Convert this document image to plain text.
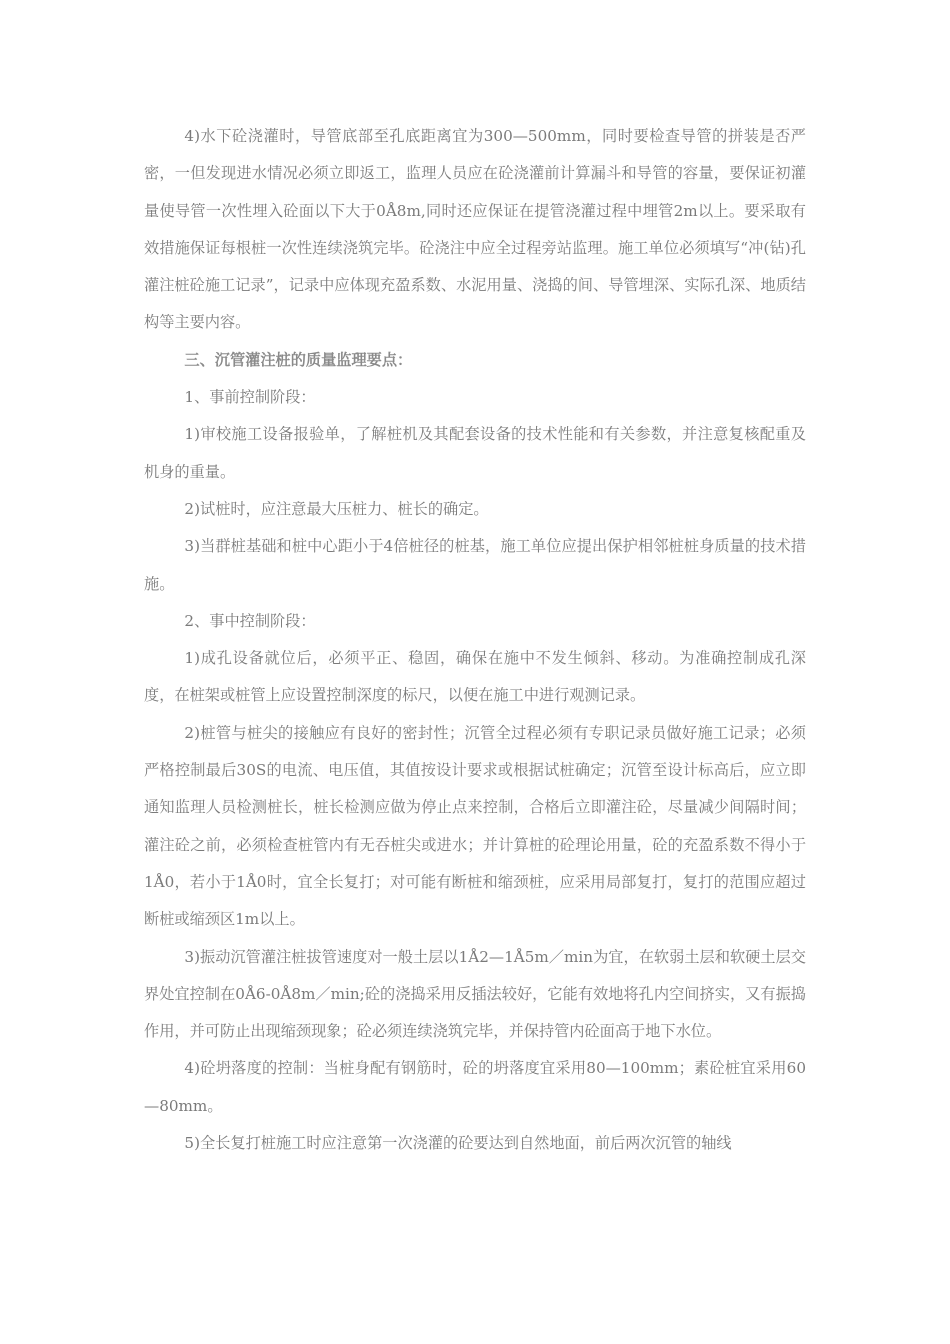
4)水下砼浇灌时，导管底部至孔底距离宜为300—500mm，同时要检查导管的拼装是否严密，一但发现进水情况必须立即返工，监理人员应在砼浇灌前计算漏斗和导管的容量，要保证初灌量使导管一次性埋入砼面以下大于0Å8m,同时还应保证在提管浇灌过程中埋管2m以上。要采取有效措施保证每根桩一次性连续浇筑完毕。砼浇注中应全过程旁站监理。施工单位必须填写“冲(钻)孔灌注桩砼施工记录”，记录中应体现充盈系数、水泥用量、浇捣的间、导管埋深、实际孔深、地质结构等主要内容。

三、沉管灌注桩的质量监理要点：

1、事前控制阶段：

1)审校施工设备报验单，了解桩机及其配套设备的技术性能和有关参数，并注意复核配重及机身的重量。

2)试桩时，应注意最大压桩力、桩长的确定。

3)当群桩基础和桩中心距小于4倍桩径的桩基，施工单位应提出保护相邻桩桩身质量的技术措施。

2、事中控制阶段：

1)成孔设备就位后，必须平正、稳固，确保在施中不发生倾斜、移动。为准确控制成孔深度，在桩架或桩管上应设置控制深度的标尺，以便在施工中进行观测记录。

2)桩管与桩尖的接触应有良好的密封性；沉管全过程必须有专职记录员做好施工记录；必须严格控制最后30S的电流、电压值，其值按设计要求或根据试桩确定；沉管至设计标高后，应立即通知监理人员检测桩长，桩长检测应做为停止点来控制，合格后立即灌注砼，尽量减少间隔时间；灌注砼之前，必须检查桩管内有无吞桩尖或进水；并计算桩的砼理论用量，砼的充盈系数不得小于1Å0，若小于1Å0时，宜全长复打；对可能有断桩和缩颈桩，应采用局部复打，复打的范围应超过断桩或缩颈区1m以上。

3)振动沉管灌注桩拔管速度对一般土层以1Å2—1Å5m／min为宜，在软弱土层和软硬土层交界处宜控制在0Å6-0Å8m／min;砼的浇捣采用反插法较好，它能有效地将孔内空间挤实，又有振捣作用，并可防止出现缩颈现象；砼必须连续浇筑完毕，并保持管内砼面高于地下水位。

4)砼坍落度的控制：当桩身配有钢筋时，砼的坍落度宜采用80—100mm；素砼桩宜采用60—80mm。

5)全长复打桩施工时应注意第一次浇灌的砼要达到自然地面，前后两次沉管的轴线
